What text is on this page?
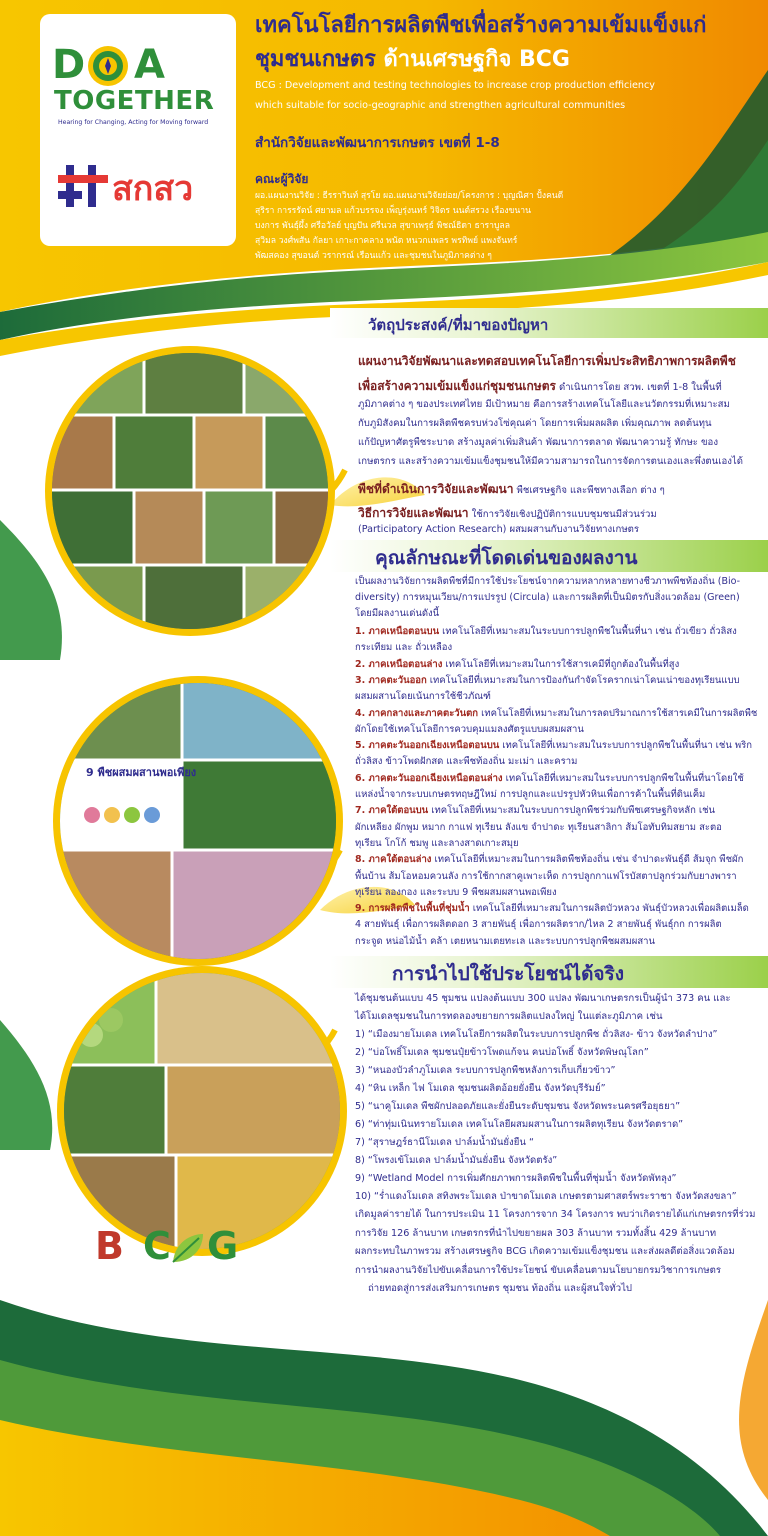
D A
TOGETHER
Hearing for Changing, Acting for Moving forward
สกสว
เทคโนโลยีการผลิตพืชเพื่อสร้างความเข้มแข็งแก่
ชุมชนเกษตร ด้านเศรษฐกิจ BCG
BCG : Development and testing technologies to increase crop production efficiency
which suitable for socio-geographic and strengthen agricultural communities
สำนักวิจัยและพัฒนาการเกษตร เขตที่ 1-8
คณะผู้วิจัย
ผอ.แผนงานวิจัย : ธีรราวินท์ สุรโย ผอ.แผนงานวิจัยย่อย/โครงการ : บุญณิศา ปั้งคนดี
สุริรา การรรัตน์ ศยามล แก้วบรรจง เพ็ญรุ่งนทร์ วิจิตร นนต์สรวง เรืองขนาน
บงการ พันธุ์ผึ้ง ศรีอวัลย์ บุญปัน ศรีนวล สุขาเพรุธ์ พิชณ์ธิดา ธาราบูลล
สุวิมล วงศ์พสัน กัลยา เกาะกาคลาง พนัด หนวกแพลร พรทิพย์ แพงจันทร์
พัฒสคอง สุขอนต์ วรากรณ์ เรือนแก้ว และชุมชนในภูมิภาคต่าง ๆ
9 พืชผสมผสานพอเพียง
B C G
วัตถุประสงค์/ที่มาของปัญหา
แผนงานวิจัยพัฒนาและทดสอบเทคโนโลยีการเพิ่มประสิทธิภาพการผลิตพืช
เพื่อสร้างความเข้มแข็งแก่ชุมชนเกษตร ดำเนินการโดย สวพ. เขตที่ 1-8 ในพื้นที่
ภูมิภาคต่าง ๆ ของประเทศไทย มีเป้าหมาย คือการสร้างเทคโนโลยีและนวัตกรรมที่เหมาะสม
กับภูมิสังคมในการผลิตพืชครบห่วงโซ่คุณค่า โดยการเพิ่มผลผลิต เพิ่มคุณภาพ ลดต้นทุน
แก้ปัญหาศัตรูพืชระบาด สร้างมูลค่าเพิ่มสินค้า พัฒนาการตลาด พัฒนาความรู้ ทักษะ ของ
เกษตรกร และสร้างความเข้มแข็งชุมชนให้มีความสามารถในการจัดการตนเองและพึ่งตนเองได้
พืชที่ดำเนินการวิจัยและพัฒนา พืชเศรษฐกิจ และพืชทางเลือก ต่าง ๆ
วิธีการวิจัยและพัฒนา ใช้การวิจัยเชิงปฏิบัติการแบบชุมชนมีส่วนร่วม
(Participatory Action Research) ผสมผสานกับงานวิจัยทางเกษตร
คุณลักษณะที่โดดเด่นของผลงาน
เป็นผลงานวิจัยการผลิตพืชที่มีการใช้ประโยชน์จากความหลากหลายทางชีวภาพพืชท้องถิ่น (Bio-
diversity) การหมุนเวียน/การแปรรูป (Circula) และการผลิตที่เป็นมิตรกับสิ่งแวดล้อม (Green)
โดยมีผลงานเด่นดังนี้
1. ภาคเหนือตอนบน เทคโนโลยีที่เหมาะสมในระบบการปลูกพืชในพื้นที่นา เช่น ถั่วเขียว ถั่วลิสง
กระเทียม และ ถั่วเหลือง
2. ภาคเหนือตอนล่าง เทคโนโลยีที่เหมาะสมในการใช้สารเคมีที่ถูกต้องในพื้นที่สูง
3. ภาคตะวันออก เทคโนโลยีที่เหมาะสมในการป้องกันกำจัดโรครากเน่าโคนเน่าของทุเรียนแบบ
ผสมผสานโดยเน้นการใช้ชีวภัณฑ์
4. ภาคกลางและภาคตะวันตก เทคโนโลยีที่เหมาะสมในการลดปริมาณการใช้สารเคมีในการผลิตพืช
ผักโดยใช้เทคโนโลยีการควบคุมแมลงศัตรูแบบผสมผสาน
5. ภาคตะวันออกเฉียงเหนือตอนบน เทคโนโลยีที่เหมาะสมในระบบการปลูกพืชในพื้นที่นา เช่น พริก
ถั่วลิสง ข้าวโพดฝักสด และพืชท้องถิ่น มะเม่า และคราม
6. ภาคตะวันออกเฉียงเหนือตอนล่าง เทคโนโลยีที่เหมาะสมในระบบการปลูกพืชในพื้นที่นาโดยใช้
แหล่งน้ำจากระบบเกษตรทฤษฎีใหม่ การปลูกและแปรรูปหัวหินเพื่อการค้าในพื้นที่ดินเค็ม
7. ภาคใต้ตอนบน เทคโนโลยีที่เหมาะสมในระบบการปลูกพืชร่วมกับพืชเศรษฐกิจหลัก เช่น
ผักเหลียง ผักพูม หมาก กาแฟ ทุเรียน ลังแข จำปาดะ ทุเรียนสาลิกา ส้มโอทับทิมสยาม สะตอ
ทุเรียน โกโก้ ชมพู และลางสาดเกาะสมุย
8. ภาคใต้ตอนล่าง เทคโนโลยีที่เหมาะสมในการผลิตพืชท้องถิ่น เช่น จำปาดะพันธุ์ดี ส้มจุก พืชผัก
พื้นบ้าน ส้มโอหอมควนลัง การใช้กากสาคูเพาะเห็ด การปลูกกาแฟโรบัสตาปลูกร่วมกับยางพารา
ทุเรียน ลองกอง และระบบ 9 พืชผสมผสานพอเพียง
9. การผลิตพืชในพื้นที่ชุ่มน้ำ เทคโนโลยีที่เหมาะสมในการผลิตบัวหลวง พันธุ์บัวหลวงเพื่อผลิตเมล็ด
4 สายพันธุ์ เพื่อการผลิตดอก 3 สายพันธุ์ เพื่อการผลิตราก/ไหล 2 สายพันธุ์ พันธุ์กก การผลิต
กระจูด หน่อไม้น้ำ คล้า เตยหนามเตยทะเล และระบบการปลูกพืชผสมผสาน
การนำไปใช้ประโยชน์ได้จริง
ได้ชุมชนต้นแบบ 45 ชุมชน แปลงต้นแบบ 300 แปลง พัฒนาเกษตรกรเป็นผู้นำ 373 คน และ
ได้โมเดลชุมชนในการทดลองขยายการผลิตแปลงใหญ่ ในแต่ละภูมิภาค เช่น
1) “เมืองมายโมเดล เทคโนโลยีการผลิตในระบบการปลูกพืช ถั่วลิสง- ข้าว จังหวัดลำปาง”
2) “บ่อโพธิ์โมเดล ชุมชนปุ๋ยข้าวโพดแก้จน คนบ่อโพธิ์ จังหวัดพิษณุโลก”
3) “หนองบัวลำภูโมเดล ระบบการปลูกพืชหลังการเก็บเกี่ยวข้าว”
4) “หิน เหล็ก ไฟ โมเดล ชุมชนผลิตอ้อยยั่งยืน จังหวัดบุรีรัมย์”
5) “นาคูโมเดล พืชผักปลอดภัยและยั่งยืนระดับชุมชน จังหวัดพระนครศรีอยุธยา”
6) “ท่าทุ่มเนินทรายโมเดล เทคโนโลยีผสมผสานในการผลิตทุเรียน จังหวัดตราด”
7) “สุราษฎร์ธานีโมเดล ปาล์มน้ำมันยั่งยืน “
8) “โพรงเข้โมเดล ปาล์มน้ำมันยั่งยืน จังหวัดตรัง”
9) “Wetland Model การเพิ่มศักยภาพการผลิตพืชในพื้นที่ชุ่มน้ำ จังหวัดพัทลุง”
10) “ร่ำแดงโมเดล สทิงพระโมเดล ป่าขาดโมเดล เกษตรตามศาสตร์พระราชา จังหวัดสงขลา”
เกิดมูลค่ารายได้ ในการประเมิน 11 โครงการจาก 34 โครงการ พบว่าเกิดรายได้แก่เกษตรกรที่ร่วม
การวิจัย 126 ล้านบาท เกษตรกรที่นำไปขยายผล 303 ล้านบาท รวมทั้งสิ้น 429 ล้านบาท
ผลกระทบในภาพรวม สร้างเศรษฐกิจ BCG เกิดความเข้มแข็งชุมชน และส่งผลดีต่อสิ่งแวดล้อม
การนำผลงานวิจัยไปขับเคลื่อนการใช้ประโยชน์ ขับเคลื่อนตามนโยบายกรมวิชาการเกษตร
ถ่ายทอดสู่การส่งเสริมการเกษตร ชุมชน ท้องถิ่น และผู้สนใจทั่วไป
